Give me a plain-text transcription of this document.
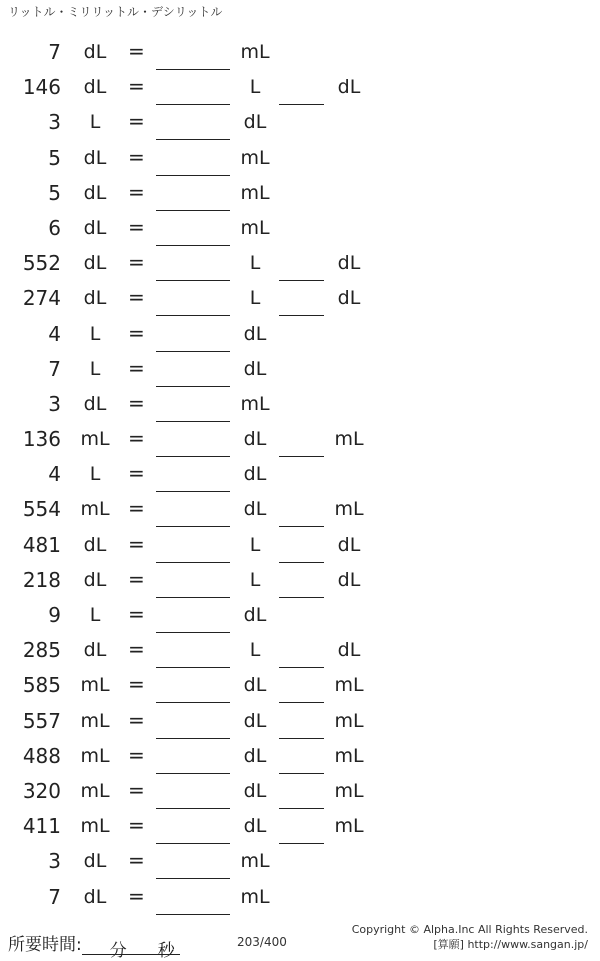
リットル・ミリリットル・デシリットル
7 dL =	mL
146 dL =	L	dL
3 L =	dL
5 dL =	mL
5 dL =	mL
6 dL =	mL
552 dL =	L	dL
274 dL =	L	dL
4 L =	dL
7 L =	dL
3 dL =	mL
136 mL =	dL	mL
4 L =	dL
554 mL =	dL	mL
481 dL =	L	dL
218 dL =	L	dL
9 L =	dL
285 dL =	L	dL
585 mL =	dL	mL
557 mL =	dL	mL
488 mL =	dL	mL
320 mL =	dL	mL
411 mL =	dL	mL
3 dL =	mL
7 dL =	mL
所要時間: 分 秒	203/400
Copyright © Alpha.Inc All Rights Reserved.
[算願] http://www.sangan.jp/
